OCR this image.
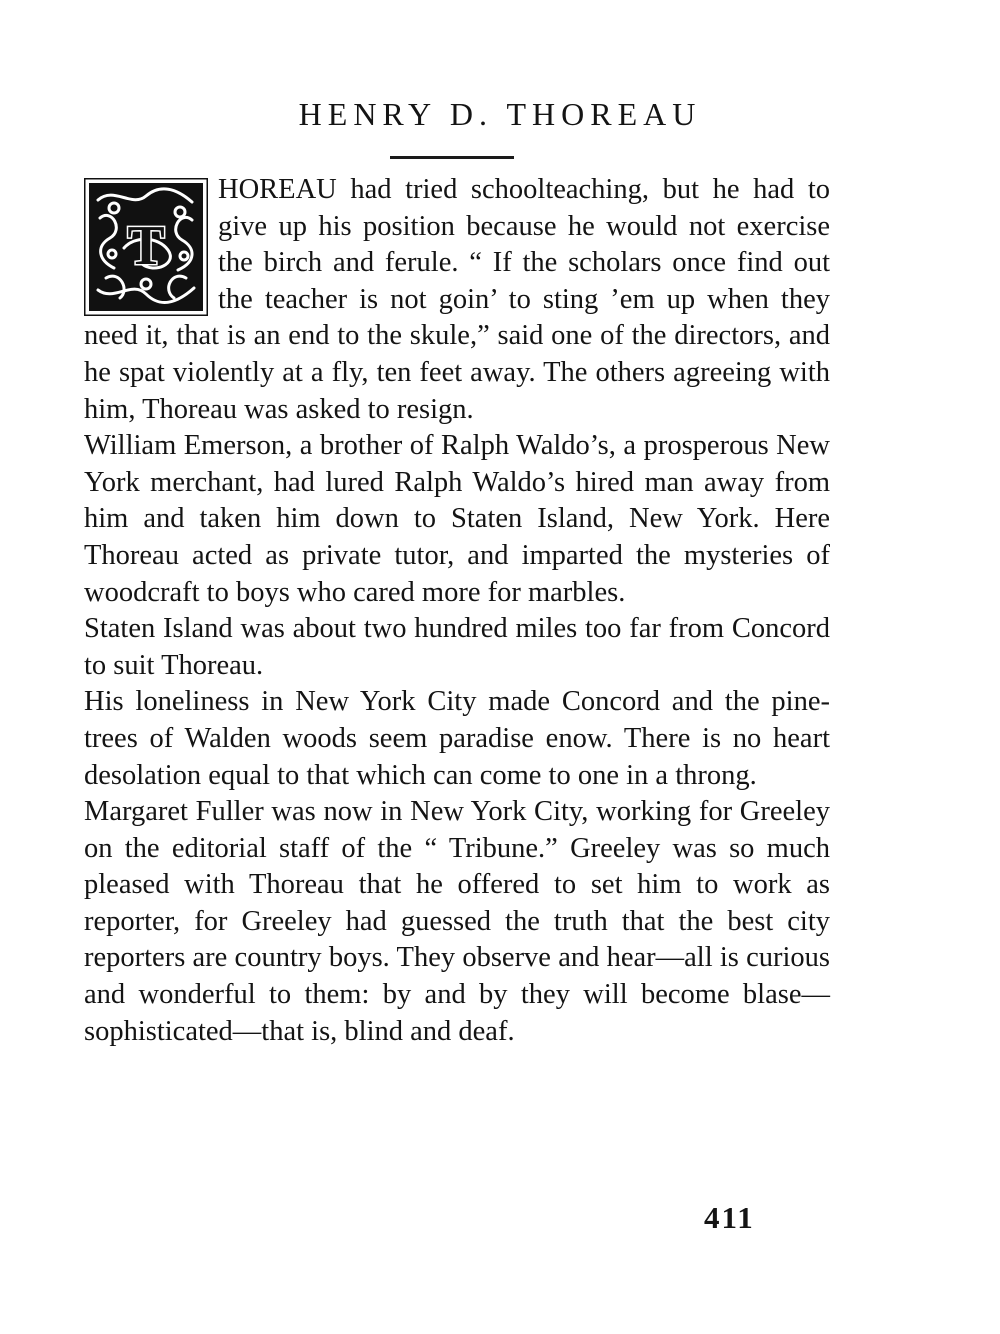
HENRY D. THOREAU
T

HOREAU had tried schoolteaching, but he had to give up his position because he would not exercise the birch and ferule. “ If the scholars once find out the teacher is not goin’ to sting ’em up when they need it, that is an end to the skule,” said one of the directors, and he spat violently at a fly, ten feet away. The others agreeing with him, Thoreau was asked to resign.

William Emerson, a brother of Ralph Waldo’s, a prosperous New York merchant, had lured Ralph Waldo’s hired man away from him and taken him down to Staten Island, New York. Here Thoreau acted as private tutor, and imparted the mysteries of woodcraft to boys who cared more for marbles.

Staten Island was about two hundred miles too far from Concord to suit Thoreau.

His loneliness in New York City made Concord and the pine-trees of Walden woods seem paradise enow. There is no heart desolation equal to that which can come to one in a throng.

Margaret Fuller was now in New York City, working for Greeley on the editorial staff of the “ Tribune.” Greeley was so much pleased with Thoreau that he offered to set him to work as reporter, for Greeley had guessed the truth that the best city reporters are country boys. They observe and hear—all is curious and wonderful to them: by and by they will become blase—sophisticated—that is, blind and deaf.

411
